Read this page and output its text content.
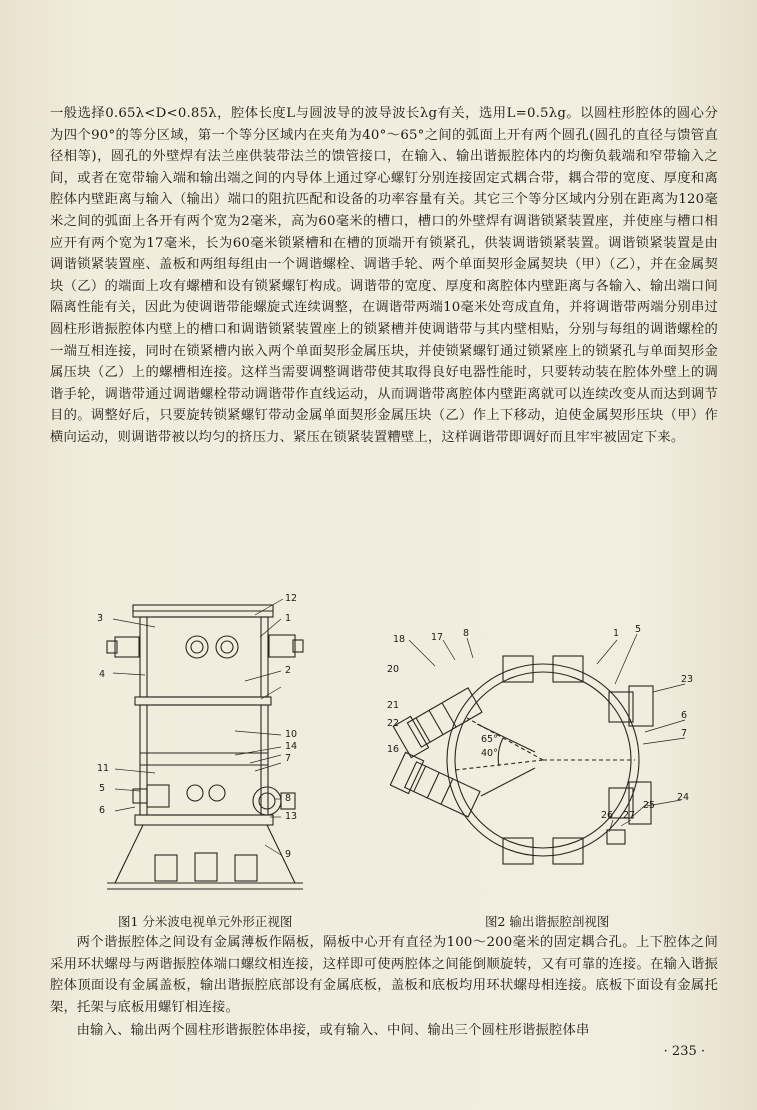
一般选择0.65λ<D<0.85λ，腔体长度L与圆波导的波导波长λg有关，选用L=0.5λg。以圆柱形腔体的圆心分为四个90°的等分区域，第一个等分区域内在夹角为40°～65°之间的弧面上开有两个圆孔(圆孔的直径与馈管直径相等)，圆孔的外壁焊有法兰座供装带法兰的馈管接口，在输入、输出谐振腔体内的均衡负载端和窄带输入之间，或者在宽带输入端和输出端之间的内导体上通过穿心螺钉分别连接固定式耦合带，耦合带的宽度、厚度和离腔体内壁距离与输入（输出）端口的阻抗匹配和设备的功率容量有关。其它三个等分区域内分别在距离为120毫米之间的弧面上各开有两个宽为2毫米，高为60毫米的槽口，槽口的外壁焊有调谐锁紧装置座，并使座与槽口相应开有两个宽为17毫米，长为60毫米锁紧槽和在槽的顶端开有锁紧孔，供装调谐锁紧装置。调谐锁紧装置是由调谐锁紧装置座、盖板和两组每组由一个调谐螺栓、调谐手轮、两个单面契形金属契块（甲）（乙），并在金属契块（乙）的端面上攻有螺槽和设有锁紧螺钉构成。调谐带的宽度、厚度和离腔体内壁距离与各输入、输出端口间隔离性能有关，因此为使调谐带能螺旋式连续调整，在调谐带两端10毫米处弯成直角，并将调谐带两端分别串过圆柱形谐振腔体内壁上的槽口和调谐锁紧装置座上的锁紧槽并使调谐带与其内壁相贴，分别与每组的调谐螺栓的一端互相连接，同时在锁紧槽内嵌入两个单面契形金属压块，并使锁紧螺钉通过锁紧座上的锁紧孔与单面契形金属压块（乙）上的螺槽相连接。这样当需要调整调谐带使其取得良好电器性能时，只要转动装在腔体外壁上的调谐手轮，调谐带通过调谐螺栓带动调谐带作直线运动，从而调谐带离腔体内壁距离就可以连续改变从而达到调节目的。调整好后，只要旋转锁紧螺钉带动金属单面契形金属压块（乙）作上下移动，迫使金属契形压块（甲）作横向运动，则调谐带被以均匀的挤压力、紧压在锁紧装置糟壁上，这样调谐带即调好而且牢牢被固定下来。

3
12
1
2
4
10
14
7
11
5
6
8
13
9
18	17 8	1 5
20
23
21
6
22
7
16
65°
40°
24
25
26 27
图1 分米波电视单元外形正视图	图2 输出谐振腔剖视图

两个谐振腔体之间设有金属薄板作隔板，隔板中心开有直径为100～200毫米的固定耦合孔。上下腔体之间采用环状螺母与两谐振腔体端口螺纹相连接，这样即可使两腔体之间能倒顺旋转，又有可靠的连接。在输入谐振腔体顶面设有金属盖板，输出谐振腔底部设有金属底板，盖板和底板均用环状螺母相连接。底板下面设有金属托架，托架与底板用螺钉相连接。

由输入、输出两个圆柱形谐振腔体串接，或有输入、中间、输出三个圆柱形谐振腔体串

· 235 ·
